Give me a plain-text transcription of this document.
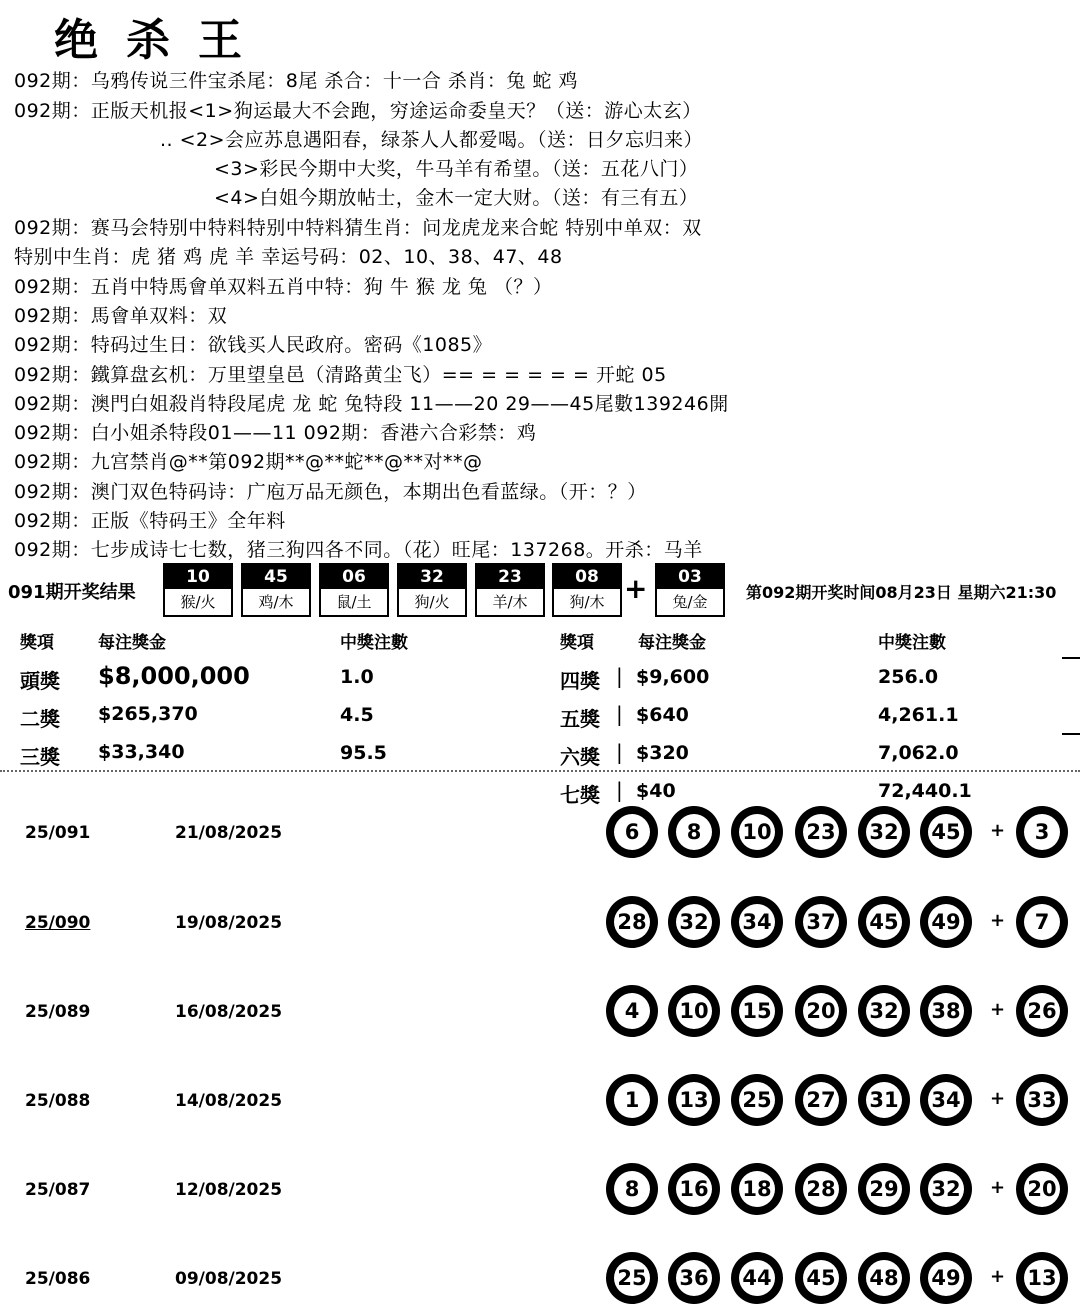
绝杀王
092期：乌鸦传说三件宝杀尾：8尾 杀合：十一合 杀肖：兔 蛇 鸡
092期：正版天机报<1>狗运最大不会跑，穷途运命委皇天？（送：游心太玄）
.. <2>会应苏息遇阳春，绿茶人人都爱喝。（送：日夕忘归来）
<3>彩民今期中大奖，牛马羊有希望。（送：五花八门）
<4>白姐今期放帖士，金木一定大财。（送：有三有五）
092期：赛马会特别中特料特别中特料猜生肖：问龙虎龙来合蛇 特别中单双：双
特别中生肖：虎 猪 鸡 虎 羊 幸运号码：02、10、38、47、48
092期：五肖中特馬會单双料五肖中特：狗 牛 猴 龙 兔 （？）
092期：馬會单双料：双
092期：特码过生日：欲钱买人民政府。密码《1085》
092期：鐵算盘玄机：万里望皇邑（清路黄尘飞）== = = = = = 开蛇 05
092期：澳門白姐殺肖特段尾虎 龙 蛇 兔特段 11——20 29——45尾數139246開
092期：白小姐杀特段01——11 092期：香港六合彩禁：鸡
092期：九宫禁肖@**第092期**@**蛇**@**对**@
092期：澳门双色特码诗：广庖万品无颜色，本期出色看蓝绿。（开：？）
092期：正版《特码王》全年料
092期：七步成诗七七数，猪三狗四各不同。（花）旺尾：137268。开杀：马羊
091期开奖结果
10
猴/火
45
鸡/木
06
鼠/土
32
狗/火
23
羊/木
08
狗/木 +	03
兔/金	第092期开奖时间08月23日 星期六21:30
獎項	每注獎金	中獎注數	獎項	每注獎金	中獎注數
頭獎 $8,000,000	1.0
二獎 $265,370	4.5
三獎 $33,340	95.5
四獎 | $9,600	256.0
五獎 | $640	4,261.1
六獎 | $320	7,062.0
七獎 | $40	72,440.1
25/091	21/08/2025	6	8	10 23 32 45 +	3
25/090	19/08/2025	28 32 34 37 45 49 +	7
25/089	16/08/2025	4	10 15 20 32 38 + 26
25/088	14/08/2025	1	13 25 27 31 34 + 33
25/087	12/08/2025	8	16 18 28 29 32 + 20
25/086	09/08/2025	25 36 44 45 48 49 + 13
